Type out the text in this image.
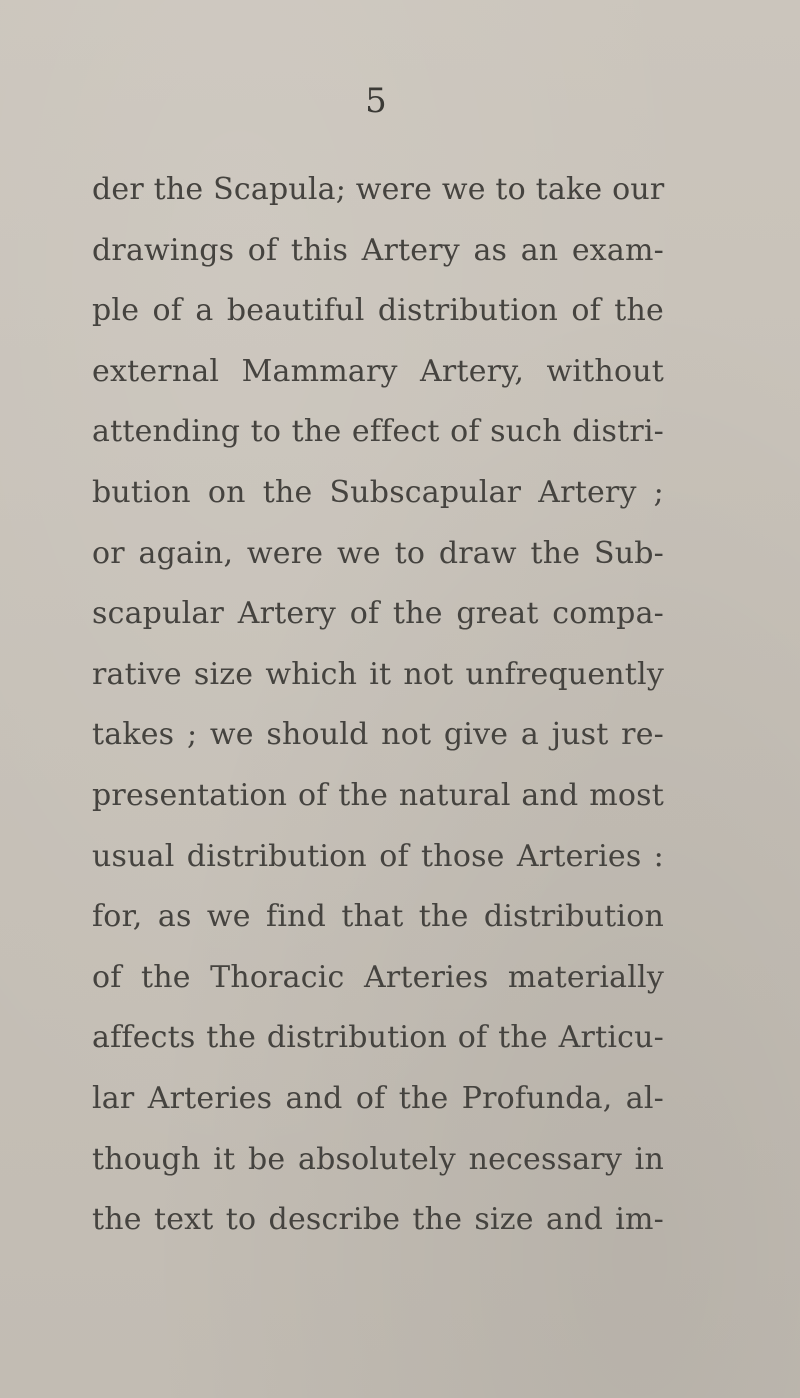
5
der the Scapula; were we to take our
drawings of this Artery as an exam-
ple of a beautiful distribution of the
external Mammary Artery, without
attending to the effect of such distri-
bution on the Subscapular Artery ;
or again, were we to draw the Sub-
scapular Artery of the great compa-
rative size which it not unfrequently
takes ; we should not give a just re-
presentation of the natural and most
usual distribution of those Arteries :
for, as we find that the distribution
of the Thoracic Arteries materially
affects the distribution of the Articu-
lar Arteries and of the Profunda, al-
though it be absolutely necessary in
the text to describe the size and im-
